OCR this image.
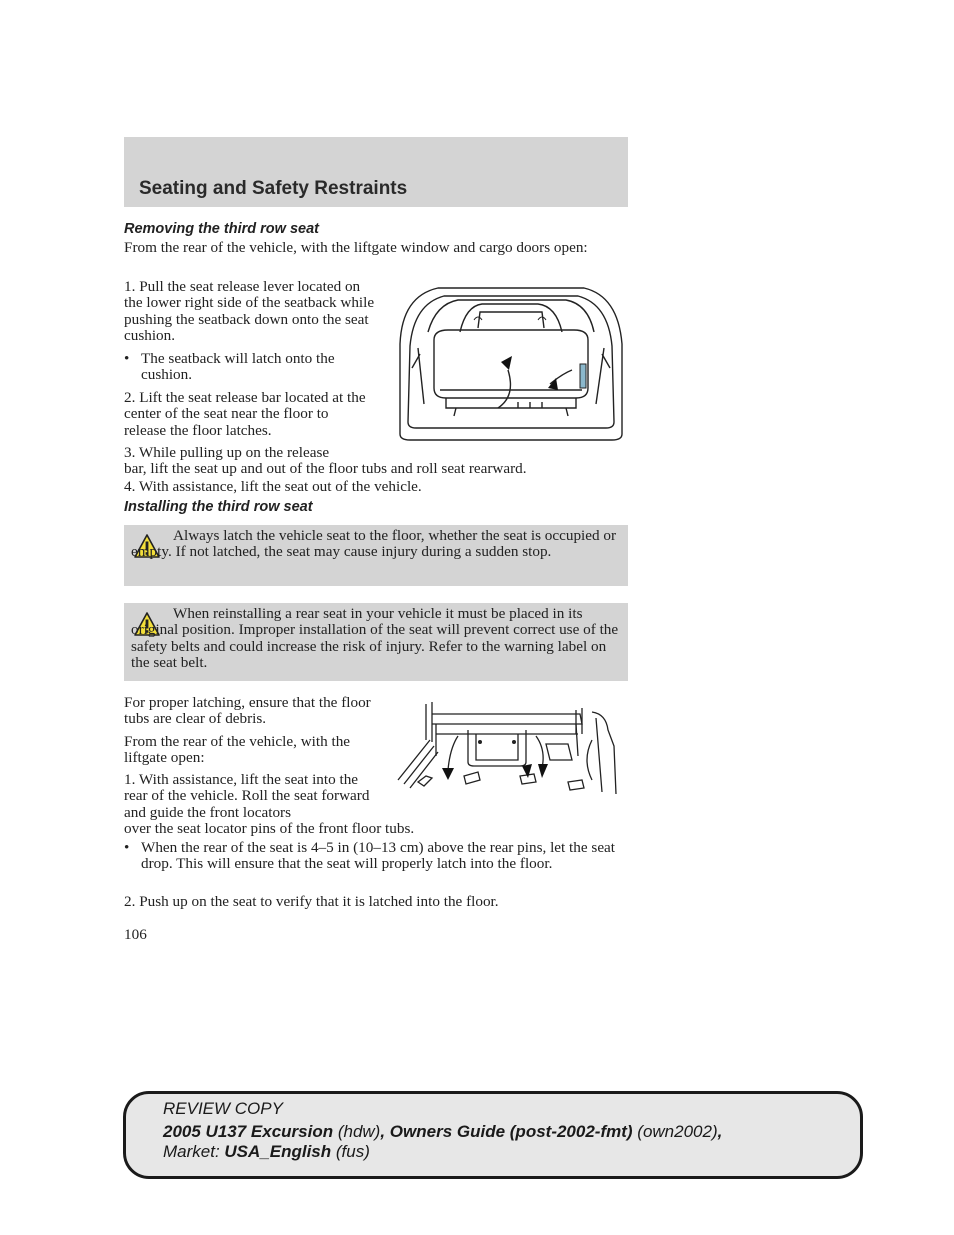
Seating and Safety Restraints
Removing the third row seat
From the rear of the vehicle, with the liftgate window and cargo doors open:
1. Pull the seat release lever located on the lower right side of the seatback while pushing the seatback down onto the seat cushion.
• The seatback will latch onto the cushion.
2. Lift the seat release bar located at the center of the seat near the floor to release the floor latches.
3. While pulling up on the release
bar, lift the seat up and out of the floor tubs and roll seat rearward.
4. With assistance, lift the seat out of the vehicle.
Installing the third row seat
Always latch the vehicle seat to the floor, whether the seat is occupied or empty. If not latched, the seat may cause injury during a sudden stop.
When reinstalling a rear seat in your vehicle it must be placed in its original position. Improper installation of the seat will prevent correct use of the safety belts and could increase the risk of injury. Refer to the warning label on the seat belt.
For proper latching, ensure that the floor tubs are clear of debris.
From the rear of the vehicle, with the liftgate open:
1. With assistance, lift the seat into the rear of the vehicle. Roll the seat forward and guide the front locators
over the seat locator pins of the front floor tubs.
• When the rear of the seat is 4–5 in (10–13 cm) above the rear pins, let the seat drop. This will ensure that the seat will properly latch into the floor.
2. Push up on the seat to verify that it is latched into the floor.
106
REVIEW COPY
2005 U137 Excursion (hdw), Owners Guide (post-2002-fmt) (own2002),
Market: USA_English (fus)
